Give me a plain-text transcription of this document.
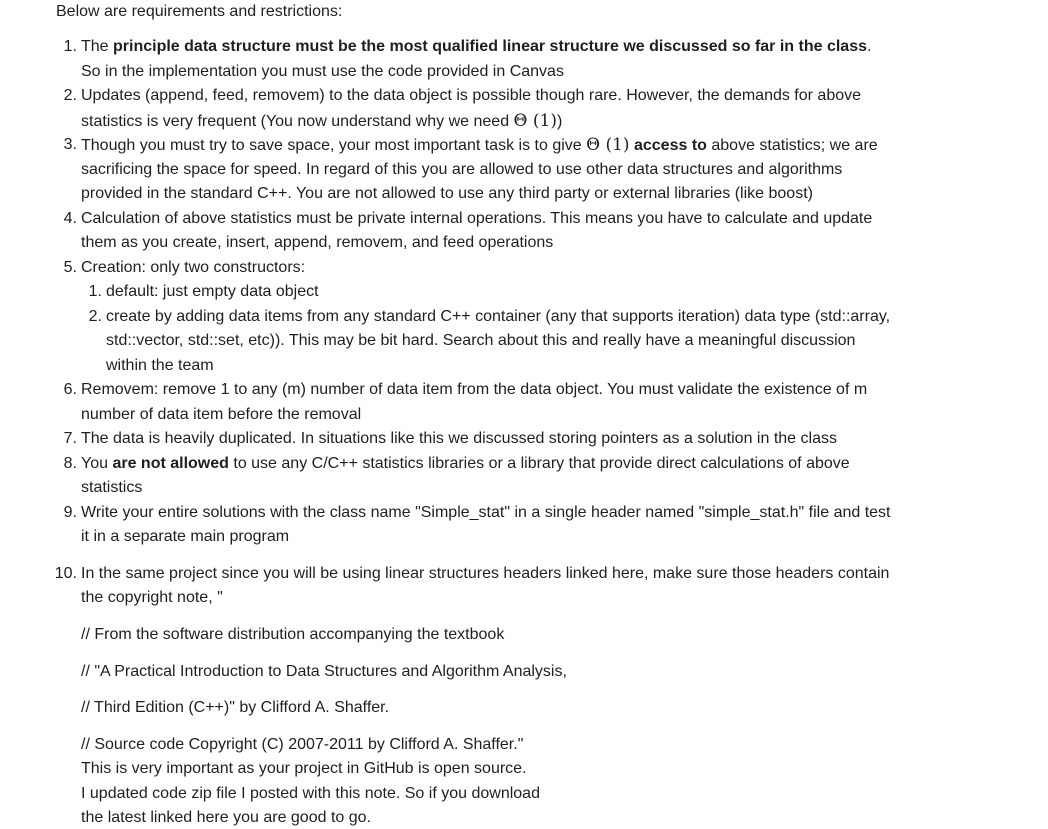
Below are requirements and restrictions:
1. The principle data structure must be the most qualified linear structure we discussed so far in the class.
So in the implementation you must use the code provided in Canvas
2. Updates (append, feed, removem) to the data object is possible though rare. However, the demands for above
statistics is very frequent (You now understand why we need Θ (1))
3. Though you must try to save space, your most important task is to give Θ (1) access to above statistics; we are
sacrificing the space for speed. In regard of this you are allowed to use other data structures and algorithms
provided in the standard C++. You are not allowed to use any third party or external libraries (like boost)
4. Calculation of above statistics must be private internal operations. This means you have to calculate and update
them as you create, insert, append, removem, and feed operations
5. Creation: only two constructors:
1. default: just empty data object
2. create by adding data items from any standard C++ container (any that supports iteration) data type (std::array,
std::vector, std::set, etc)). This may be bit hard. Search about this and really have a meaningful discussion
within the team
6. Removem: remove 1 to any (m) number of data item from the data object. You must validate the existence of m
number of data item before the removal
7. The data is heavily duplicated. In situations like this we discussed storing pointers as a solution in the class
8. You are not allowed to use any C/C++ statistics libraries or a library that provide direct calculations of above
statistics
9. Write your entire solutions with the class name "Simple_stat" in a single header named "simple_stat.h" file and test
it in a separate main program
10. In the same project since you will be using linear structures headers linked here, make sure those headers contain
the copyright note, "
// From the software distribution accompanying the textbook
// "A Practical Introduction to Data Structures and Algorithm Analysis,
// Third Edition (C++)" by Clifford A. Shaffer.
// Source code Copyright (C) 2007-2011 by Clifford A. Shaffer."
This is very important as your project in GitHub is open source.
I updated code zip file I posted with this note. So if you download
the latest linked here you are good to go.
